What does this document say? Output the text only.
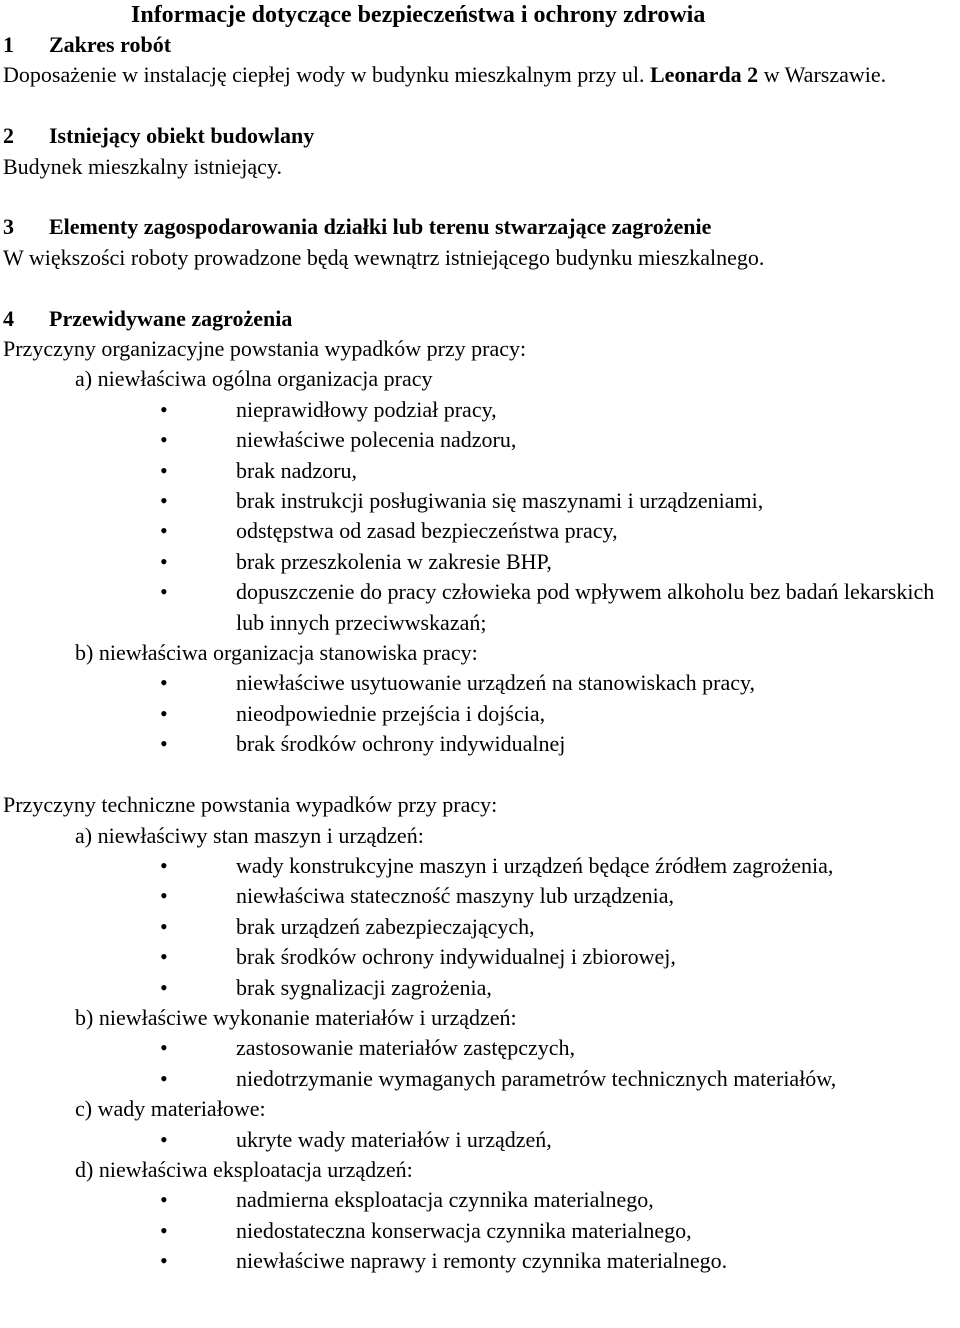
Informacje dotyczące bezpieczeństwa i ochrony zdrowia

1 Zakres robót

Doposażenie w instalację ciepłej wody w budynku mieszkalnym przy ul. Leonarda 2 w Warszawie.

2 Istniejący obiekt budowlany

Budynek mieszkalny istniejący.

3 Elementy zagospodarowania działki lub terenu stwarzające zagrożenie

W większości roboty prowadzone będą wewnątrz istniejącego budynku mieszkalnego.

4 Przewidywane zagrożenia

Przyczyny organizacyjne powstania wypadków przy pracy:

a) niewłaściwa ogólna organizacja pracy

•	nieprawidłowy podział pracy,
•	niewłaściwe polecenia nadzoru,
•	brak nadzoru,
•	brak instrukcji posługiwania się maszynami i urządzeniami,
•	odstępstwa od zasad bezpieczeństwa pracy,
•	brak przeszkolenia w zakresie BHP,
•	dopuszczenie do pracy człowieka pod wpływem alkoholu bez badań lekarskich lub innych przeciwwskazań;

b) niewłaściwa organizacja stanowiska pracy:

•	niewłaściwe usytuowanie urządzeń na stanowiskach pracy,
•	nieodpowiednie przejścia i dojścia,
•	brak środków ochrony indywidualnej

Przyczyny techniczne powstania wypadków przy pracy:

a) niewłaściwy stan maszyn i urządzeń:

•	wady konstrukcyjne maszyn i urządzeń będące źródłem zagrożenia,
•	niewłaściwa stateczność maszyny lub urządzenia,
•	brak urządzeń zabezpieczających,
•	brak środków ochrony indywidualnej i zbiorowej,
•	brak sygnalizacji zagrożenia,

b) niewłaściwe wykonanie materiałów i urządzeń:

•	zastosowanie materiałów zastępczych,
•	niedotrzymanie wymaganych parametrów technicznych materiałów,

c) wady materiałowe:

•	ukryte wady materiałów i urządzeń,

d) niewłaściwa eksploatacja urządzeń:

•	nadmierna eksploatacja czynnika materialnego,
•	niedostateczna konserwacja czynnika materialnego,
•	niewłaściwe naprawy i remonty czynnika materialnego.
